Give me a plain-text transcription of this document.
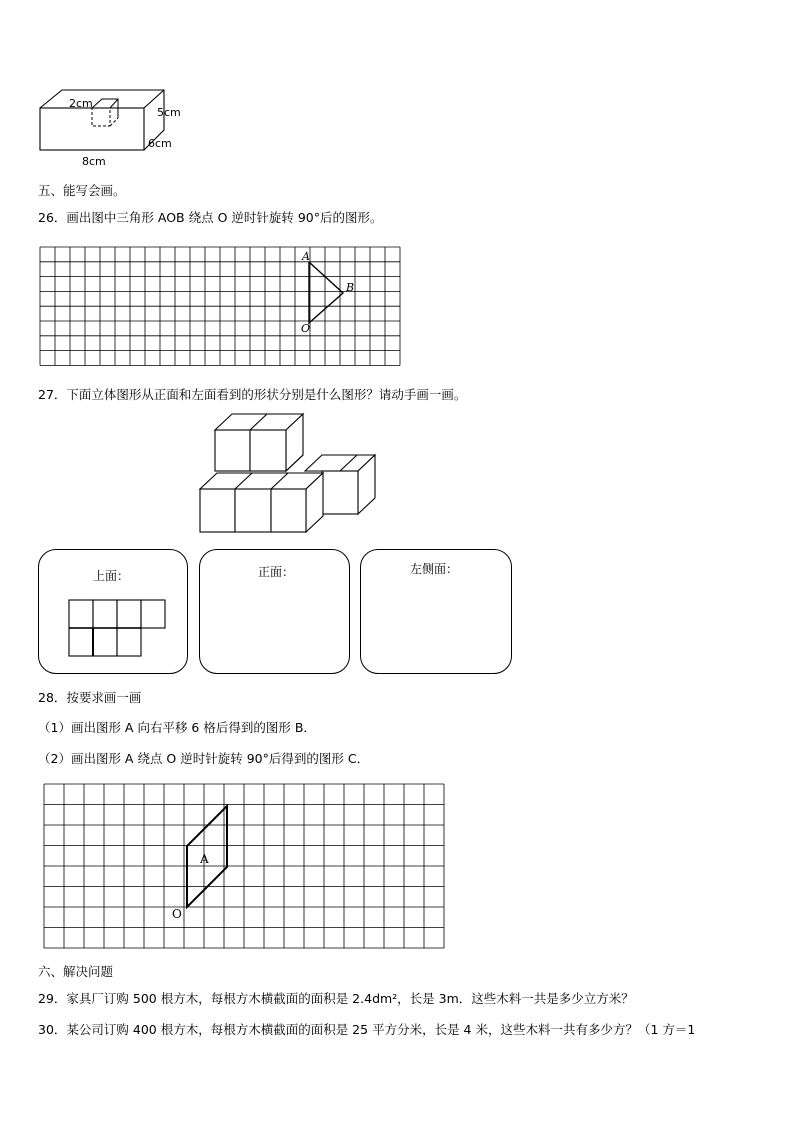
2cm
5cm
6cm
8cm
五、能写会画。
26．画出图中三角形 AOB 绕点 O 逆时针旋转 90°后的图形。
A
B
O
27．下面立体图形从正面和左面看到的形状分别是什么图形？请动手画一画。
上面：	正面：	左侧面：
28．按要求画一画
（1）画出图形 A 向右平移 6 格后得到的图形 B．
（2）画出图形 A 绕点 O 逆时针旋转 90°后得到的图形 C．
A
O
六、解决问题
29．家具厂订购 500 根方木，每根方木横截面的面积是 2.4dm²，长是 3m．这些木料一共是多少立方米？
30．某公司订购 400 根方木，每根方木横截面的面积是 25 平方分米，长是 4 米，这些木料一共有多少方？（1 方＝1
